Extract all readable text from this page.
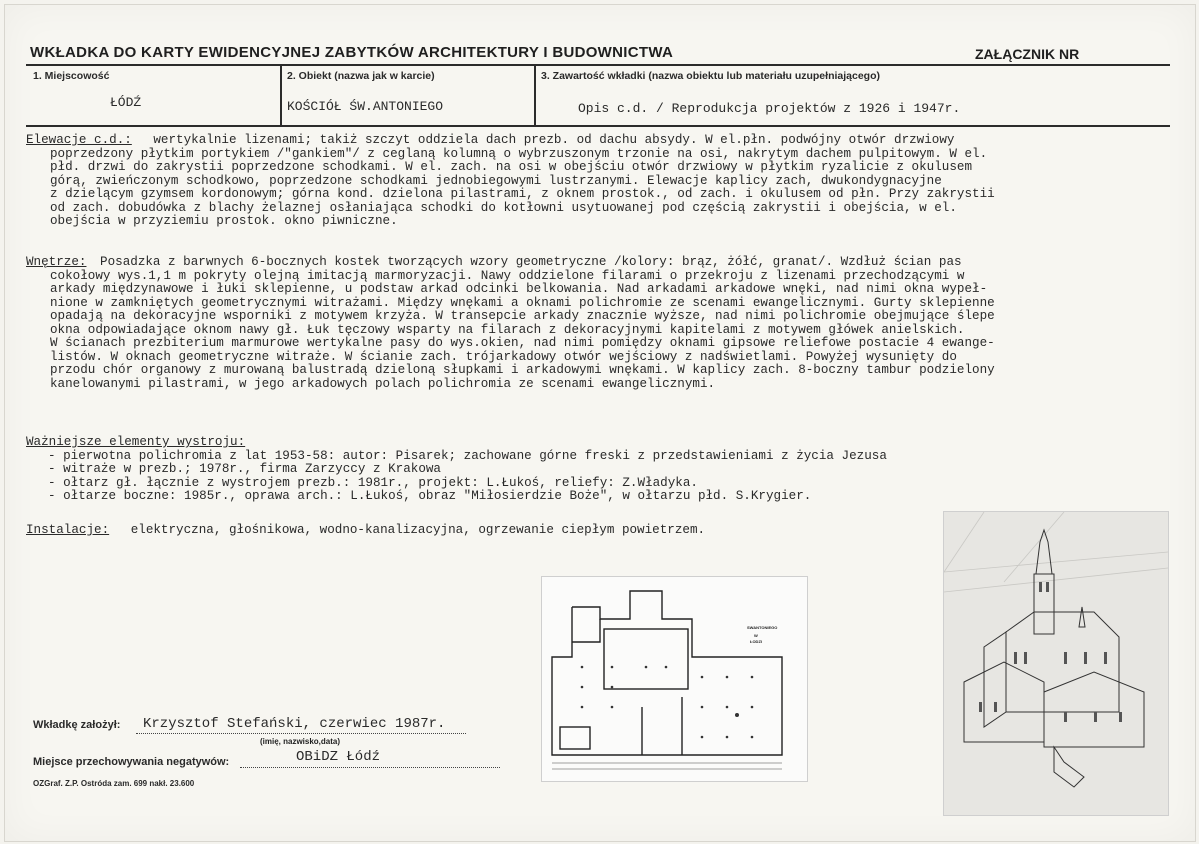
WKŁADKA DO KARTY EWIDENCYJNEJ ZABYTKÓW ARCHITEKTURY I BUDOWNICTWA	ZAŁĄCZNIK NR
1. Miejscowość
ŁÓDŹ
2. Obiekt (nazwa jak w karcie)
KOŚCIÓŁ ŚW.ANTONIEGO
3. Zawartość wkładki (nazwa obiektu lub materiału uzupełniającego)
Opis c.d. / Reprodukcja projektów z 1926 i 1947r.
Elewacje c.d.: wertykalnie lizenami; takiż szczyt oddziela dach prezb. od dachu absydy. W el.płn. podwójny otwór drzwiowy
poprzedzony płytkim portykiem /"gankiem"/ z ceglaną kolumną o wybrzuszonym trzonie na osi, nakrytym dachem pulpitowym. W el.
płd. drzwi do zakrystii poprzedzone schodkami. W el. zach. na osi w obejściu otwór drzwiowy w płytkim ryzalicie z okulusem
górą, zwieńczonym schodkowo, poprzedzone schodkami jednobiegowymi lustrzanymi. Elewacje kaplicy zach, dwukondygnacyjne
z dzielącym gzymsem kordonowym; górna kond. dzielona pilastrami, z oknem prostok., od zach. i okulusem od płn. Przy zakrystii
od zach. dobudówka z blachy żelaznej osłaniająca schodki do kotłowni usytuowanej pod częścią zakrystii i obejścia, w el.
obejścia w przyziemiu prostok. okno piwniczne.
Wnętrze: Posadzka z barwnych 6-bocznych kostek tworzących wzory geometryczne /kolory: brąz, żółć, granat/. Wzdłuż ścian pas
cokołowy wys.1,1 m pokryty olejną imitacją marmoryzacji. Nawy oddzielone filarami o przekroju z lizenami przechodzącymi w
arkady międzynawowe i łuki sklepienne, u podstaw arkad odcinki belkowania. Nad arkadami arkadowe wnęki, nad nimi okna wypeł-
nione w zamkniętych geometrycznymi witrażami. Między wnękami a oknami polichromie ze scenami ewangelicznymi. Gurty sklepienne
opadają na dekoracyjne wsporniki z motywem krzyża. W transepcie arkady znacznie wyższe, nad nimi polichromie obejmujące ślepe
okna odpowiadające oknom nawy gł. Łuk tęczowy wsparty na filarach z dekoracyjnymi kapitelami z motywem główek anielskich.
W ścianach prezbiterium marmurowe wertykalne pasy do wys.okien, nad nimi pomiędzy oknami gipsowe reliefowe postacie 4 ewange-
listów. W oknach geometryczne witraże. W ścianie zach. trójarkadowy otwór wejściowy z nadświetlami. Powyżej wysunięty do
przodu chór organowy z murowaną balustradą dzieloną słupkami i arkadowymi wnękami. W kaplicy zach. 8-boczny tambur podzielony
kanelowanymi pilastrami, w jego arkadowych polach polichromia ze scenami ewangelicznymi.
Ważniejsze elementy wystroju:
- pierwotna polichromia z lat 1953-58: autor: Pisarek; zachowane górne freski z przedstawieniami z życia Jezusa
- witraże w prezb.; 1978r., firma Zarzyccy z Krakowa
- ołtarz gł. łącznie z wystrojem prezb.: 1981r., projekt: L.Łukoś, reliefy: Z.Władyka.
- ołtarze boczne: 1985r., oprawa arch.: L.Łukoś, obraz "Miłosierdzie Boże", w ołtarzu płd. S.Krygier.
Instalacje: elektryczna, głośnikowa, wodno-kanalizacyjna, ogrzewanie ciepłym powietrzem.
SWANTONIEGO
W
ŁODZI
Wkładkę założył: Krzysztof Stefański, czerwiec 1987r.
(imię, nazwisko,data)
Miejsce przechowywania negatywów:	OBiDZ Łódź
OZGraf. Z.P. Ostróda zam. 699 nakł. 23.600
